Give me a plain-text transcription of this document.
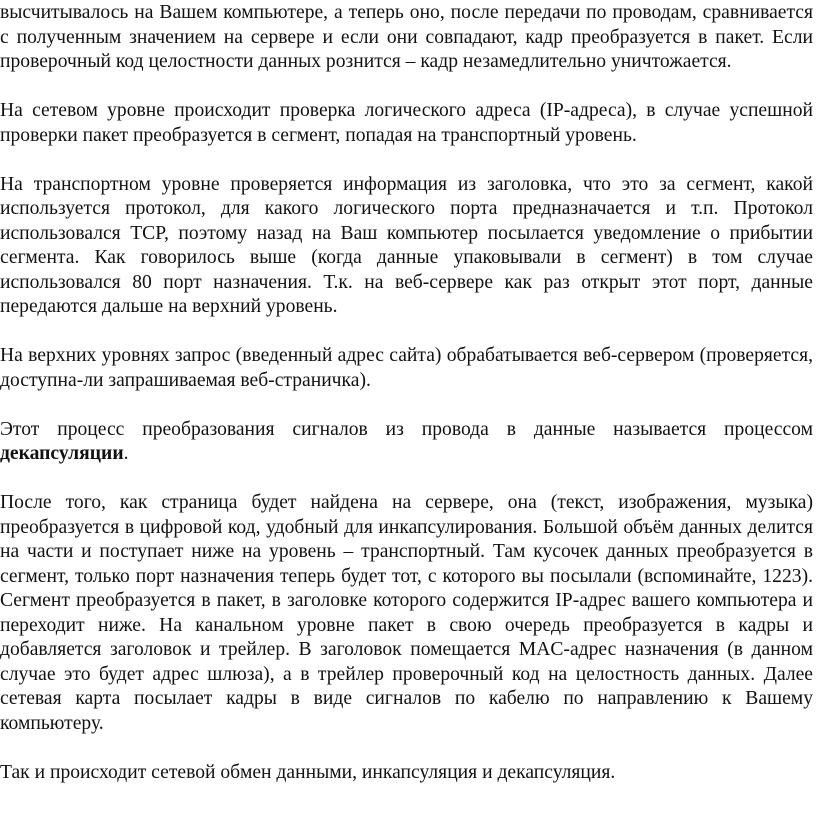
высчитывалось на Вашем компьютере, а теперь оно, после передачи по проводам, сравнивается с полученным значением на сервере и если они совпадают, кадр преобразуется в пакет. Если проверочный код целостности данных рознится – кадр незамедлительно уничтожается.

На сетевом уровне происходит проверка логического адреса (IP-адреса), в случае успешной проверки пакет преобразуется в сегмент, попадая на транспортный уровень.

На транспортном уровне проверяется информация из заголовка, что это за сегмент, какой используется протокол, для какого логического порта предназначается и т.п. Протокол использовался TCP, поэтому назад на Ваш компьютер посылается уведомление о прибытии сегмента. Как говорилось выше (когда данные упаковывали в сегмент) в том случае использовался 80 порт назначения. Т.к. на веб-сервере как раз открыт этот порт, данные передаются дальше на верхний уровень.

На верхних уровнях запрос (введенный адрес сайта) обрабатывается веб-сервером (проверяется, доступна-ли запрашиваемая веб-страничка).

Этот процесс преобразования сигналов из провода в данные называется процессом декапсуляции.

После того, как страница будет найдена на сервере, она (текст, изображения, музыка) преобразуется в цифровой код, удобный для инкапсулирования. Большой объём данных делится на части и поступает ниже на уровень – транспортный. Там кусочек данных преобразуется в сегмент, только порт назначения теперь будет тот, с которого вы посылали (вспоминайте, 1223). Сегмент преобразуется в пакет, в заголовке которого содержится IP-адрес вашего компьютера и переходит ниже. На канальном уровне пакет в свою очередь преобразуется в кадры и добавляется заголовок и трейлер. В заголовок помещается MAC-адрес назначения (в данном случае это будет адрес шлюза), а в трейлер проверочный код на целостность данных. Далее сетевая карта посылает кадры в виде сигналов по кабелю по направлению к Вашему компьютеру.

Так и происходит сетевой обмен данными, инкапсуляция и декапсуляция.
